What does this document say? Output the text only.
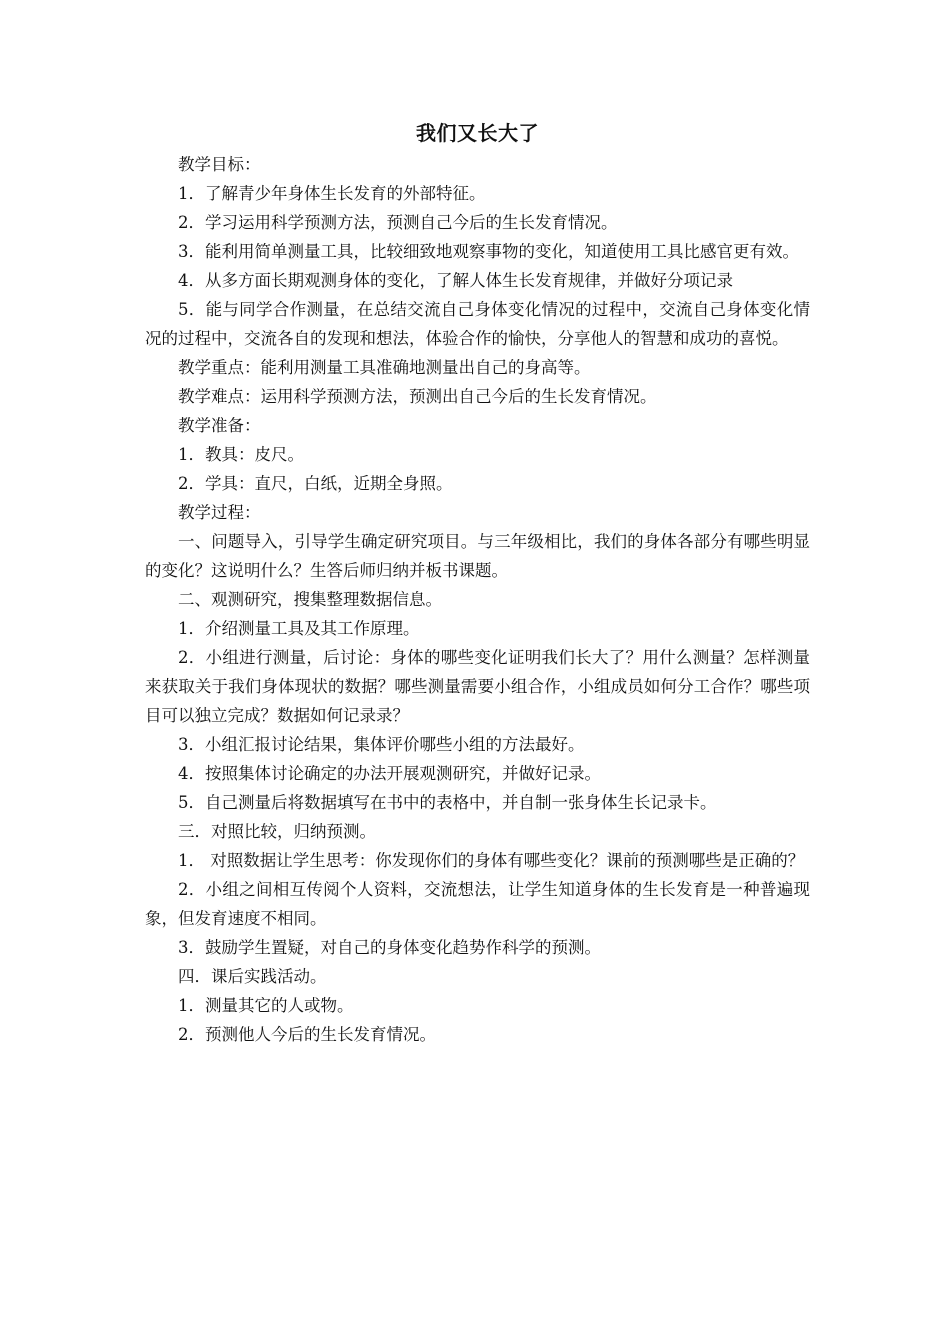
我们又长大了

教学目标：

1．了解青少年身体生长发育的外部特征。

2．学习运用科学预测方法，预测自己今后的生长发育情况。

3．能利用简单测量工具，比较细致地观察事物的变化，知道使用工具比感官更有效。

4．从多方面长期观测身体的变化，了解人体生长发育规律，并做好分项记录

5．能与同学合作测量，在总结交流自己身体变化情况的过程中，交流自己身体变化情况的过程中，交流各自的发现和想法，体验合作的愉快，分享他人的智慧和成功的喜悦。

教学重点：能利用测量工具准确地测量出自己的身高等。

教学难点：运用科学预测方法，预测出自己今后的生长发育情况。

教学准备：

1．教具：皮尺。

2．学具：直尺，白纸，近期全身照。

教学过程：

一、问题导入，引导学生确定研究项目。与三年级相比，我们的身体各部分有哪些明显的变化？这说明什么？生答后师归纳并板书课题。

二、观测研究，搜集整理数据信息。

1．介绍测量工具及其工作原理。

2．小组进行测量，后讨论：身体的哪些变化证明我们长大了？用什么测量？怎样测量来获取关于我们身体现状的数据？哪些测量需要小组合作，小组成员如何分工合作？哪些项目可以独立完成？数据如何记录录？

3．小组汇报讨论结果，集体评价哪些小组的方法最好。

4．按照集体讨论确定的办法开展观测研究，并做好记录。

5．自己测量后将数据填写在书中的表格中，并自制一张身体生长记录卡。

三．对照比较，归纳预测。

1． 对照数据让学生思考：你发现你们的身体有哪些变化？课前的预测哪些是正确的？

2．小组之间相互传阅个人资料，交流想法，让学生知道身体的生长发育是一种普遍现象，但发育速度不相同。

3．鼓励学生置疑，对自己的身体变化趋势作科学的预测。

四．课后实践活动。

1．测量其它的人或物。

2．预测他人今后的生长发育情况。
